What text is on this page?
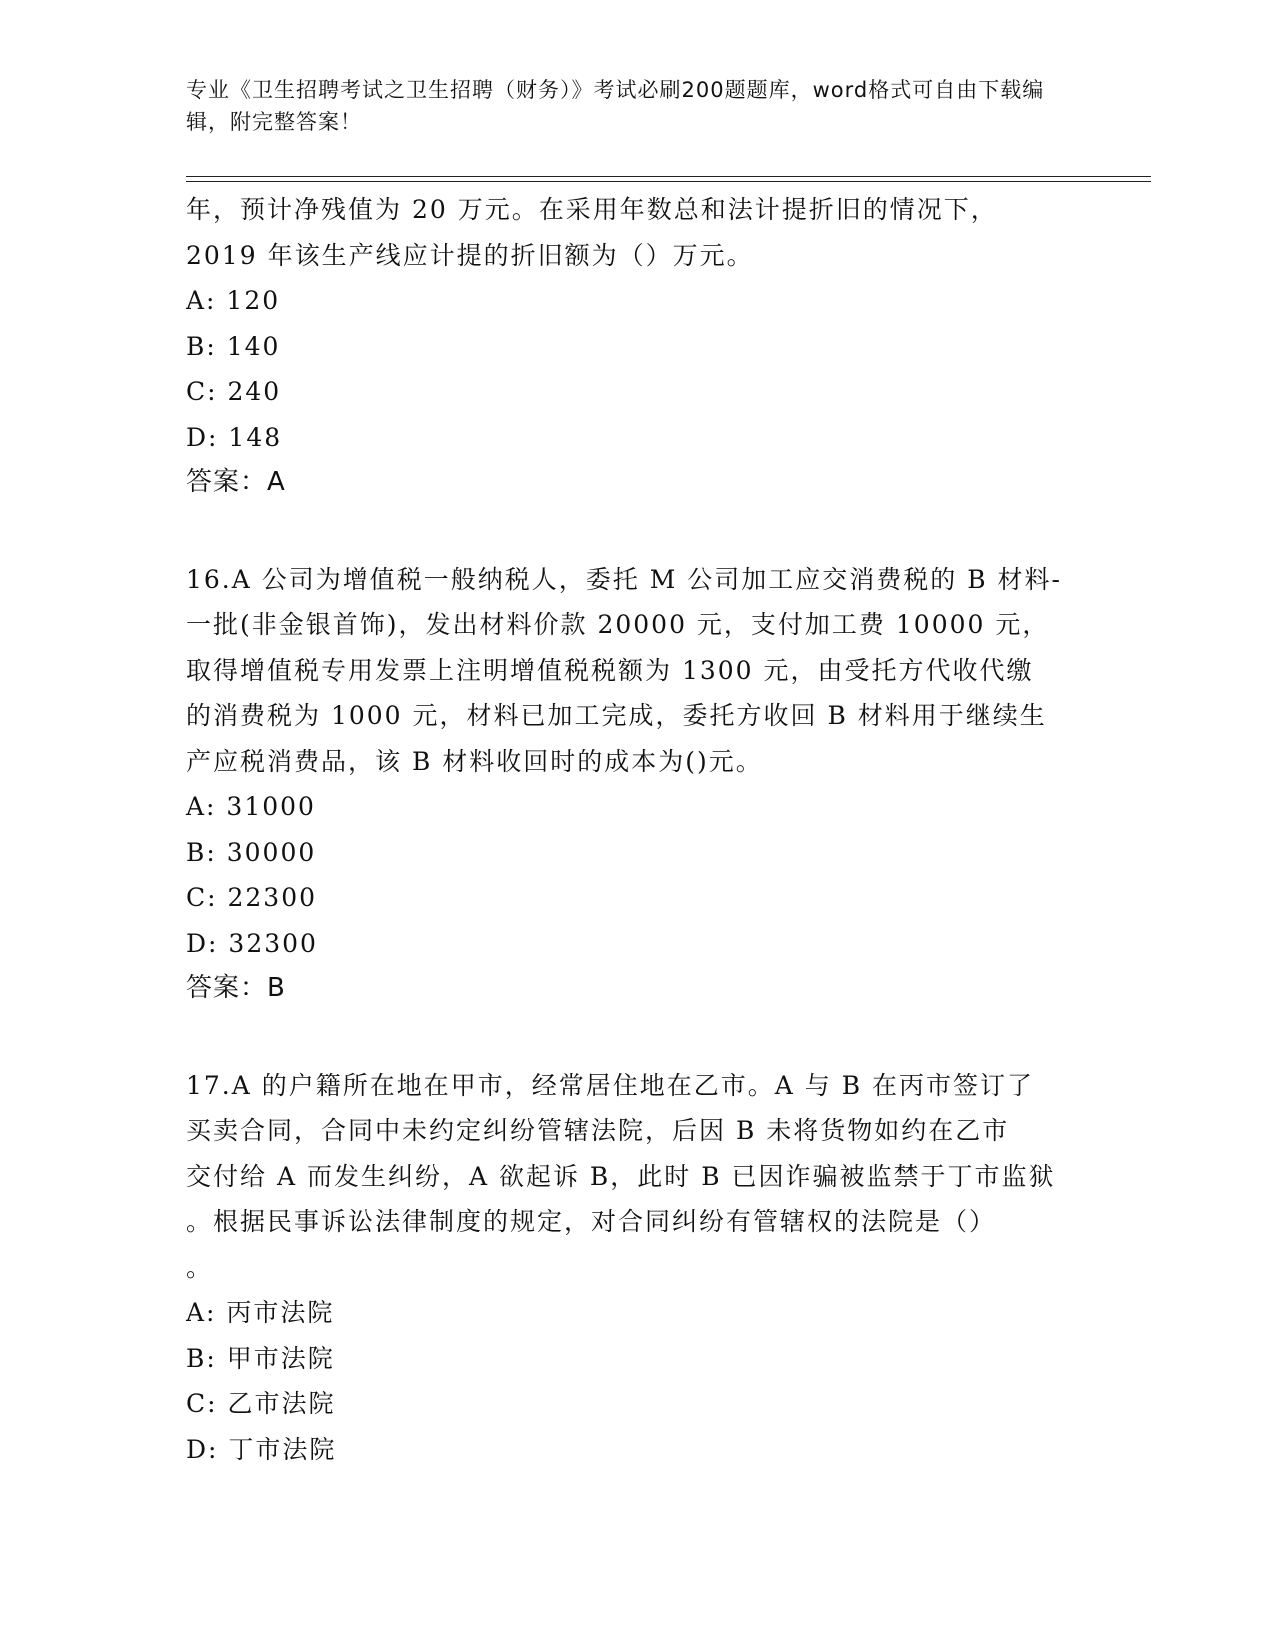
专业《卫生招聘考试之卫生招聘（财务）》考试必刷200题题库，word格式可自由下载编辑，附完整答案！

年，预计净残值为 20 万元。在采用年数总和法计提折旧的情况下，
2019 年该生产线应计提的折旧额为（）万元。
A: 120
B: 140
C: 240
D: 148
答案：A
16.A 公司为增值税一般纳税人，委托 M 公司加工应交消费税的 B 材料-
一批(非金银首饰)，发出材料价款 20000 元，支付加工费 10000 元，
取得增值税专用发票上注明增值税税额为 1300 元，由受托方代收代缴
的消费税为 1000 元，材料已加工完成，委托方收回 B 材料用于继续生
产应税消费品，该 B 材料收回时的成本为()元。
A: 31000
B: 30000
C: 22300
D: 32300
答案：B
17.A 的户籍所在地在甲市，经常居住地在乙市。A 与 B 在丙市签订了
买卖合同，合同中未约定纠纷管辖法院，后因 B 未将货物如约在乙市
交付给 A 而发生纠纷，A 欲起诉 B，此时 B 已因诈骗被监禁于丁市监狱
。根据民事诉讼法律制度的规定，对合同纠纷有管辖权的法院是（）
。
A: 丙市法院
B: 甲市法院
C: 乙市法院
D: 丁市法院
